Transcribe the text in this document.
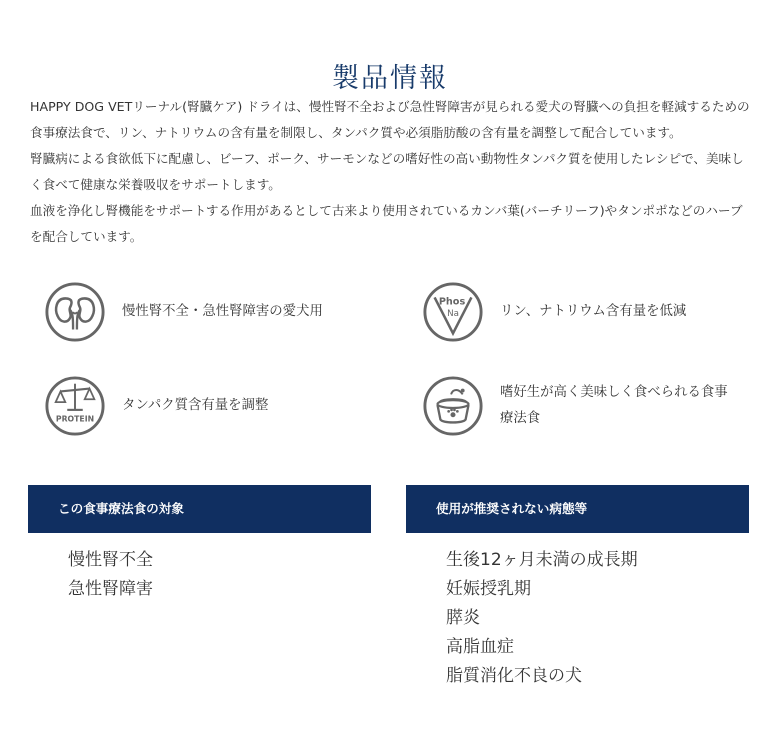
製品情報

HAPPY DOG VETリーナル(腎臓ケア) ドライは、慢性腎不全および急性腎障害が見られる愛犬の腎臓への負担を軽減するための食事療法食で、リン、ナトリウムの含有量を制限し、タンパク質や必須脂肪酸の含有量を調整して配合しています。

腎臓病による食欲低下に配慮し、ビーフ、ポーク、サーモンなどの嗜好性の高い動物性タンパク質を使用したレシピで、美味しく食べて健康な栄養吸収をサポートします。

血液を浄化し腎機能をサポートする作用があるとして古来より使用されているカンバ葉(バーチリーフ)やタンポポなどのハーブを配合しています。

慢性腎不全・急性腎障害の愛犬用
Phos
Na	リン、ナトリウム含有量を低減
PROTEIN
タンパク質含有量を調整
嗜好生が高く美味しく食べられる食事療法食
この食事療法食の対象	使用が推奨されない病態等
慢性腎不全
急性腎障害
生後12ヶ月未満の成長期
妊娠授乳期
膵炎
高脂血症
脂質消化不良の犬
